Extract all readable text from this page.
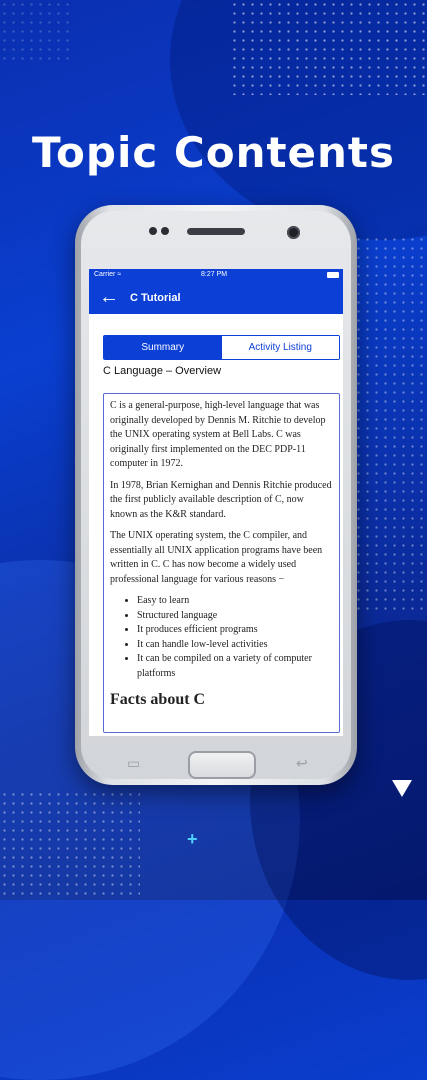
Topic Contents
+
Carrier ≈	8:27 PM
← C Tutorial
Summary	Activity Listing
C Language – Overview

C is a general-purpose, high-level language that was originally developed by Dennis M. Ritchie to develop the UNIX operating system at Bell Labs. C was originally first implemented on the DEC PDP-11 computer in 1972.

In 1978, Brian Kernighan and Dennis Ritchie produced the first publicly available description of C, now known as the K&R standard.

The UNIX operating system, the C compiler, and essentially all UNIX application programs have been written in C. C has now become a widely used professional language for various reasons −

• Easy to learn
• Structured language
• It produces efficient programs
• It can handle low-level activities
• It can be compiled on a variety of computer platforms
Facts about C
▭	↩
